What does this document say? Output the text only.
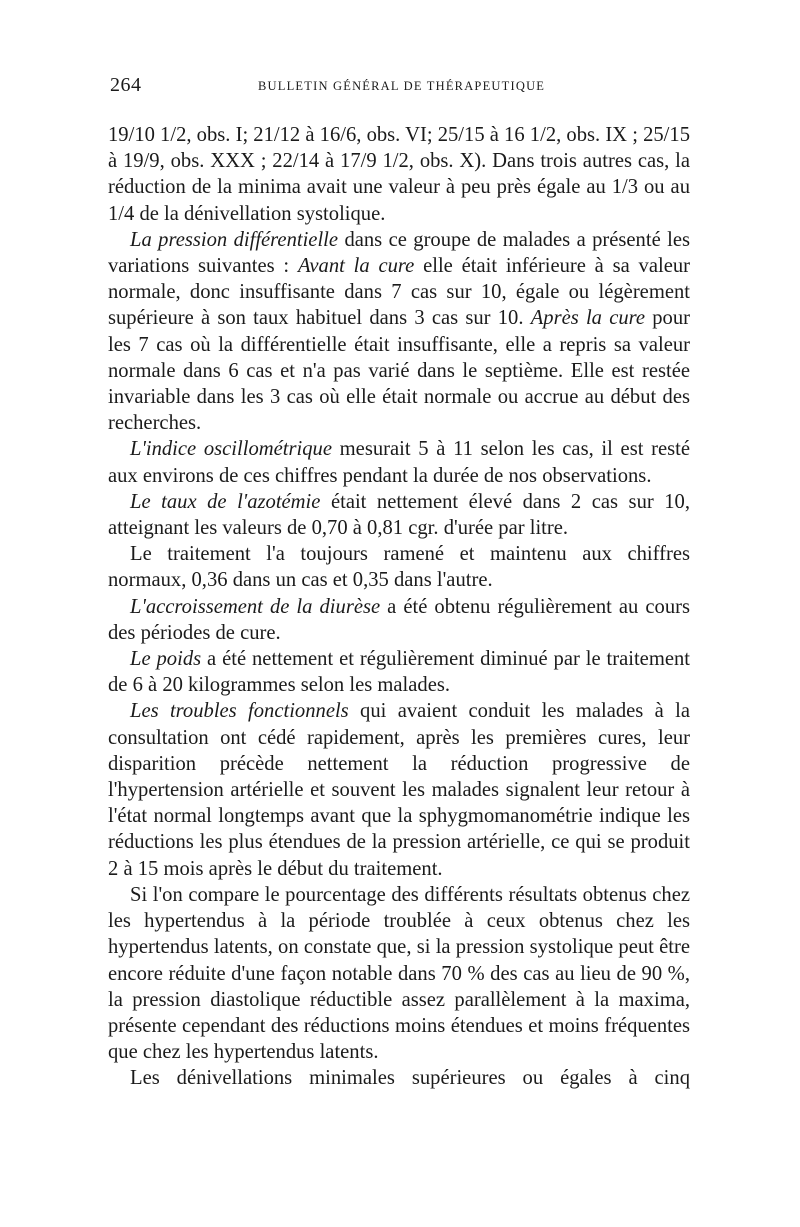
264	BULLETIN GÉNÉRAL DE THÉRAPEUTIQUE

19/10 1/2, obs. I; 21/12 à 16/6, obs. VI; 25/15 à 16 1/2, obs. IX ; 25/15 à 19/9, obs. XXX ; 22/14 à 17/9 1/2, obs. X). Dans trois autres cas, la réduction de la minima avait une valeur à peu près égale au 1/3 ou au 1/4 de la dénivellation systolique.

La pression différentielle dans ce groupe de malades a présenté les variations suivantes : Avant la cure elle était inférieure à sa valeur normale, donc insuffisante dans 7 cas sur 10, égale ou légèrement supérieure à son taux habituel dans 3 cas sur 10. Après la cure pour les 7 cas où la différentielle était insuffisante, elle a repris sa valeur normale dans 6 cas et n'a pas varié dans le septième. Elle est restée invariable dans les 3 cas où elle était normale ou accrue au début des recherches.

L'indice oscillométrique mesurait 5 à 11 selon les cas, il est resté aux environs de ces chiffres pendant la durée de nos observations.

Le taux de l'azotémie était nettement élevé dans 2 cas sur 10, atteignant les valeurs de 0,70 à 0,81 cgr. d'urée par litre.

Le traitement l'a toujours ramené et maintenu aux chiffres normaux, 0,36 dans un cas et 0,35 dans l'autre.

L'accroissement de la diurèse a été obtenu régulièrement au cours des périodes de cure.

Le poids a été nettement et régulièrement diminué par le traitement de 6 à 20 kilogrammes selon les malades.

Les troubles fonctionnels qui avaient conduit les malades à la consultation ont cédé rapidement, après les premières cures, leur disparition précède nettement la réduction progressive de l'hypertension artérielle et souvent les malades signalent leur retour à l'état normal longtemps avant que la sphygmomanométrie indique les réductions les plus étendues de la pression artérielle, ce qui se produit 2 à 15 mois après le début du traitement.

Si l'on compare le pourcentage des différents résultats obtenus chez les hypertendus à la période troublée à ceux obtenus chez les hypertendus latents, on constate que, si la pression systolique peut être encore réduite d'une façon notable dans 70 % des cas au lieu de 90 %, la pression diastolique réductible assez parallèlement à la maxima, présente cependant des réductions moins étendues et moins fréquentes que chez les hypertendus latents.

Les dénivellations minimales supérieures ou égales à cinq
